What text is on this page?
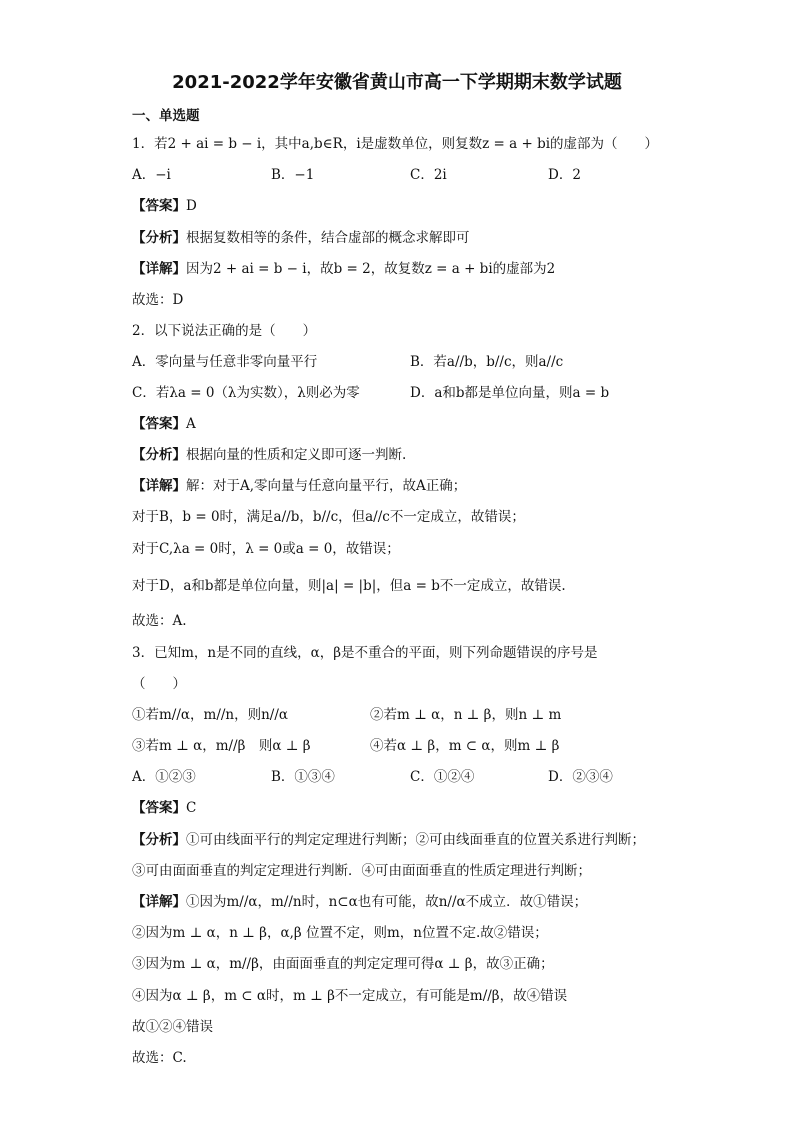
2021-2022学年安徽省黄山市高一下学期期末数学试题
一、单选题
1．若2 + ai = b − i，其中a,b∈R，i是虚数单位，则复数z = a + bi的虚部为（　　）
A．−i	B．−1	C．2i	D．2
【答案】D
【分析】根据复数相等的条件，结合虚部的概念求解即可
【详解】因为2 + ai = b − i，故b = 2，故复数z = a + bi的虚部为2
故选：D
2．以下说法正确的是（　　）
A．零向量与任意非零向量平行	B．若a//b，b//c，则a//c
C．若λa = 0（λ为实数），λ则必为零	D．a和b都是单位向量，则a = b
【答案】A
【分析】根据向量的性质和定义即可逐一判断.
【详解】解：对于A,零向量与任意向量平行，故A正确；
对于B，b = 0时，满足a//b，b//c，但a//c不一定成立，故错误；
对于C,λa = 0时，λ = 0或a = 0，故错误；
对于D，a和b都是单位向量，则|a| = |b|，但a = b不一定成立，故错误.
故选：A.
3．已知m，n是不同的直线，α，β是不重合的平面，则下列命题错误的序号是
（　　）
①若m//α，m//n，则n//α	②若m ⊥ α，n ⊥ β，则n ⊥ m
③若m ⊥ α，m//β　则α ⊥ β	④若α ⊥ β，m ⊂ α，则m ⊥ β
A．①②③	B．①③④	C．①②④	D．②③④
【答案】C
【分析】①可由线面平行的判定定理进行判断；②可由线面垂直的位置关系进行判断；
③可由面面垂直的判定定理进行判断．④可由面面垂直的性质定理进行判断；
【详解】①因为m//α，m//n时，n⊂α也有可能，故n//α不成立．故①错误；
②因为m ⊥ α，n ⊥ β，α,β 位置不定，则m，n位置不定.故②错误；
③因为m ⊥ α，m//β，由面面垂直的判定定理可得α ⊥ β，故③正确；
④因为α ⊥ β，m ⊂ α时，m ⊥ β不一定成立，有可能是m//β，故④错误
故①②④错误
故选：C.
